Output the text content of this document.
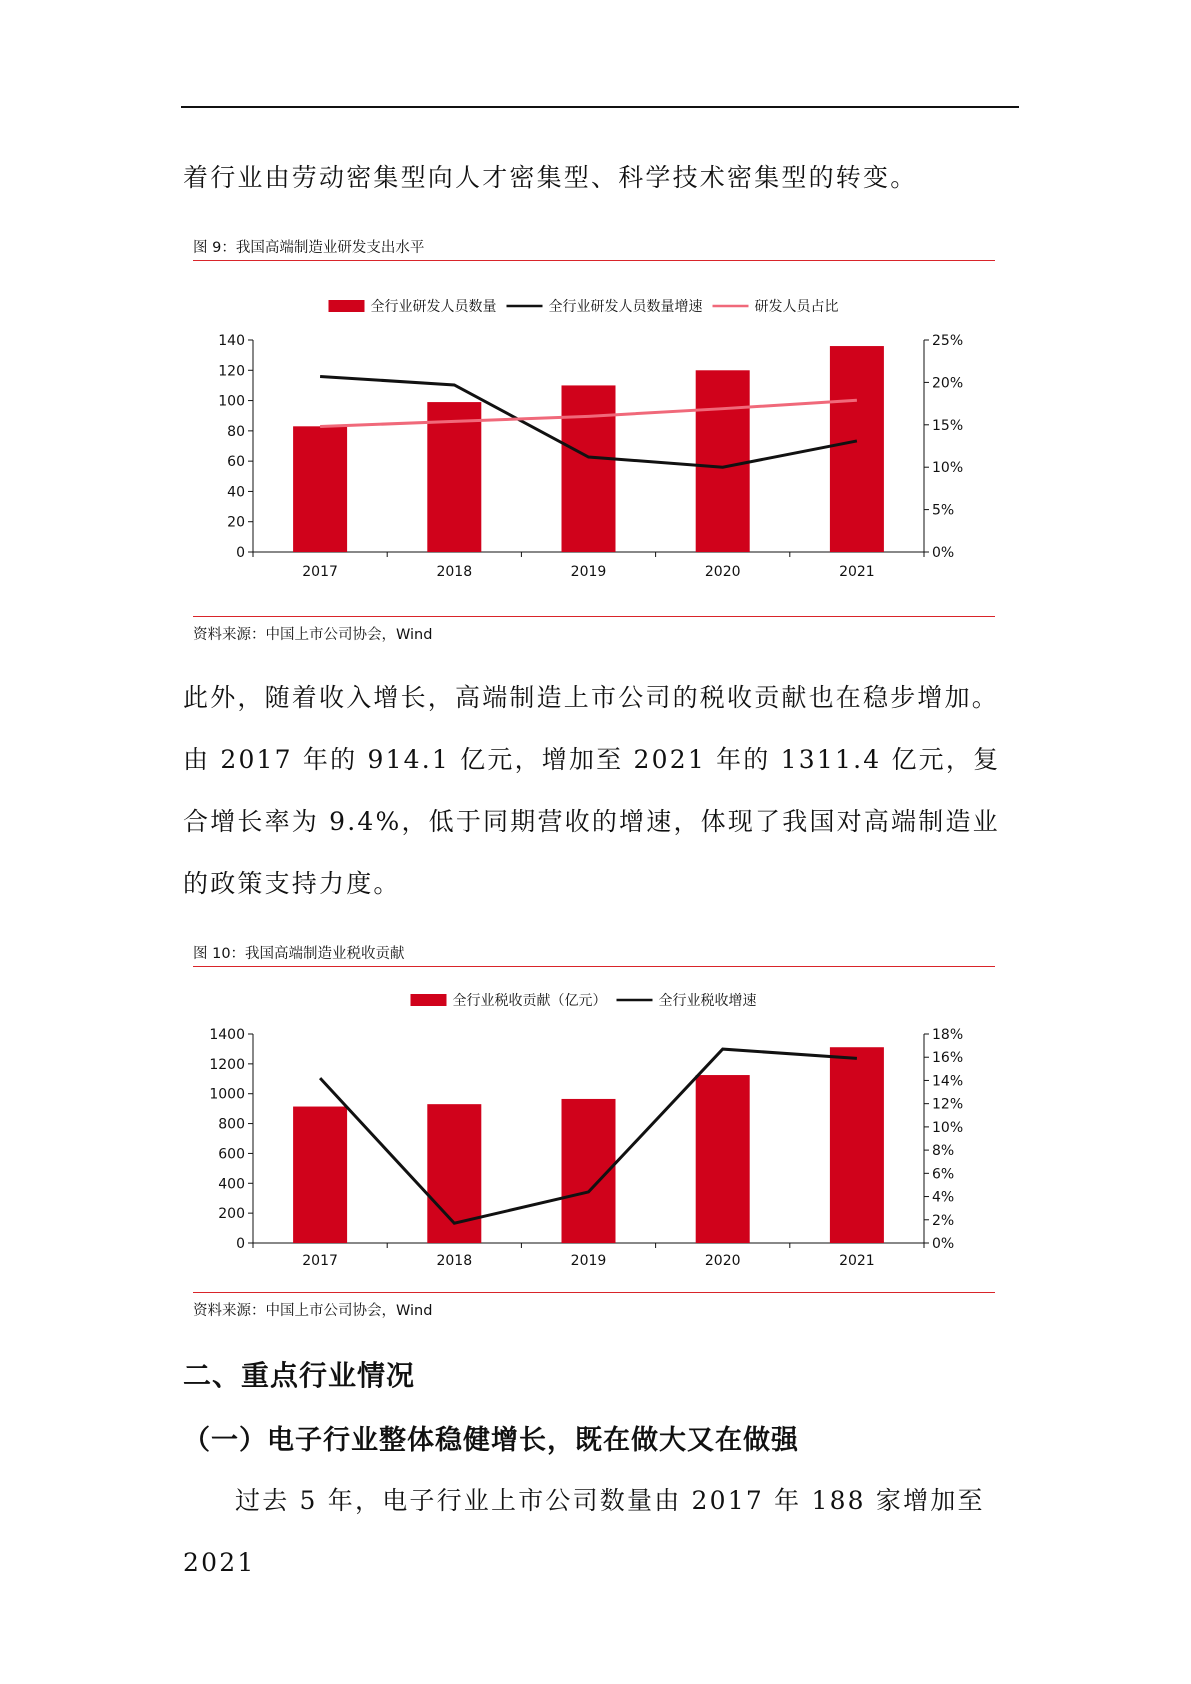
着行业由劳动密集型向人才密集型、科学技术密集型的转变。
图 9：我国高端制造业研发支出水平
全行业研发人员数量	全行业研发人员数量增速	研发人员占比
0
20
40
60
80
100
120
140
0%
5%
10%
15%
20%
25%
2017	2018	2019	2020	2021
资料来源：中国上市公司协会，Wind
此外，随着收入增长，高端制造上市公司的税收贡献也在稳步增加。由 2017 年的 914.1 亿元，增加至 2021 年的 1311.4 亿元，复合增长率为 9.4%，低于同期营收的增速，体现了我国对高端制造业的政策支持力度。
图 10：我国高端制造业税收贡献
全行业税收贡献（亿元）	全行业税收增速
0
200
400
600
800
1000
1200
1400
0%
2%
4%
6%
8%
10%
12%
14%
16%
18%
2017	2018	2019	2020	2021
资料来源：中国上市公司协会，Wind
二、重点行业情况
（一）电子行业整体稳健增长，既在做大又在做强
过去 5 年，电子行业上市公司数量由 2017 年 188 家增加至 2021
